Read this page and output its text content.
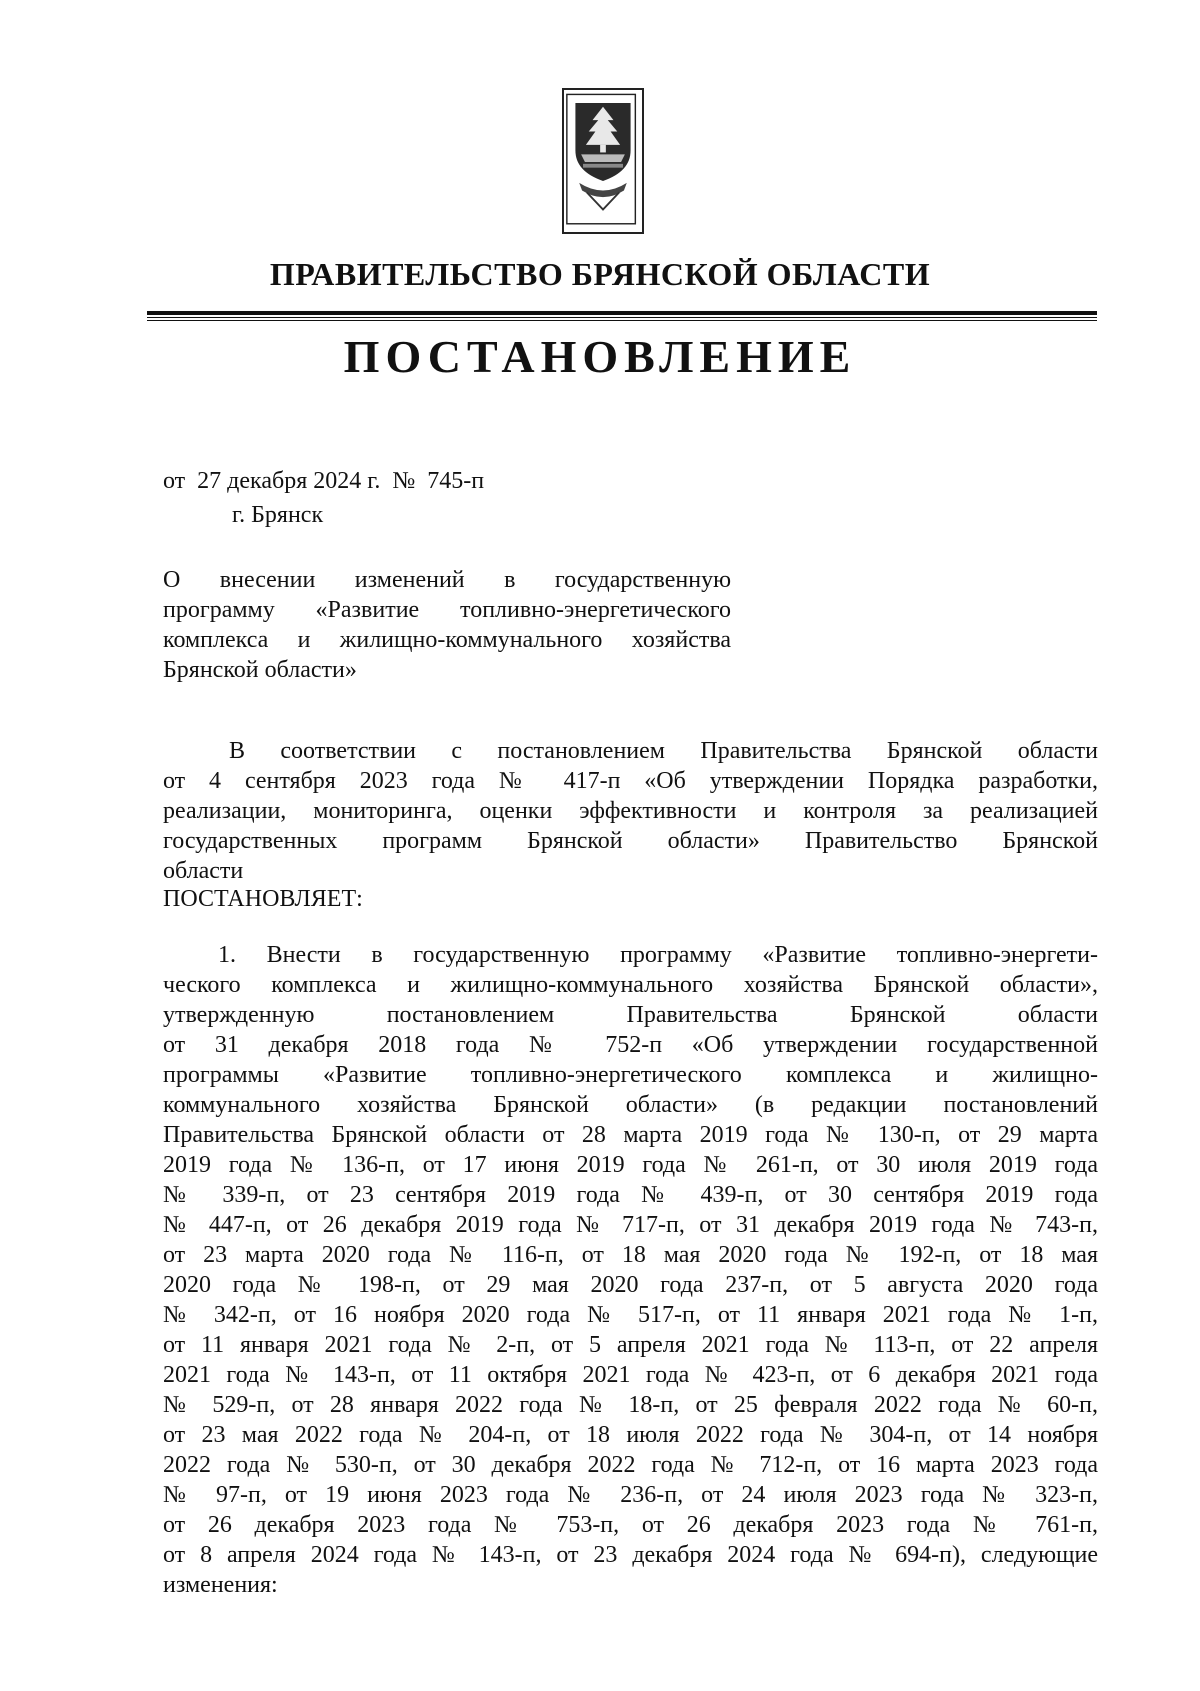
ПРАВИТЕЛЬСТВО БРЯНСКОЙ ОБЛАСТИ
ПОСТАНОВЛЕНИЕ
от  27 декабря 2024 г.  №  745-п
г. Брянск
О внесении изменений в государственную
программу «Развитие топливно-энергетического
комплекса и жилищно-коммунального хозяйства
Брянской области»
В соответствии с постановлением Правительства Брянской области
от 4 сентября 2023 года № 417-п «Об утверждении Порядка разработки,
реализации, мониторинга, оценки эффективности и контроля за реализацией
государственных программ Брянской области» Правительство Брянской
области
ПОСТАНОВЛЯЕТ:
1. Внести в государственную программу «Развитие топливно-энергети-
ческого комплекса и жилищно-коммунального хозяйства Брянской области»,
утвержденную постановлением Правительства Брянской области
от 31 декабря 2018 года № 752-п «Об утверждении государственной
программы «Развитие топливно-энергетического комплекса и жилищно-
коммунального хозяйства Брянской области» (в редакции постановлений
Правительства Брянской области от 28 марта 2019 года № 130-п, от 29 марта
2019 года № 136-п, от 17 июня 2019 года № 261-п, от 30 июля 2019 года
№ 339-п, от 23 сентября 2019 года № 439-п, от 30 сентября 2019 года
№ 447-п, от 26 декабря 2019 года № 717-п, от 31 декабря 2019 года № 743-п,
от 23 марта 2020 года № 116-п, от 18 мая 2020 года № 192-п, от 18 мая
2020 года № 198-п, от 29 мая 2020 года 237-п, от 5 августа 2020 года
№ 342-п, от 16 ноября 2020 года № 517-п, от 11 января 2021 года № 1-п,
от 11 января 2021 года № 2-п, от 5 апреля 2021 года № 113-п, от 22 апреля
2021 года № 143-п, от 11 октября 2021 года № 423-п, от 6 декабря 2021 года
№ 529-п, от 28 января 2022 года № 18-п, от 25 февраля 2022 года № 60-п,
от 23 мая 2022 года № 204-п, от 18 июля 2022 года № 304-п, от 14 ноября
2022 года № 530-п, от 30 декабря 2022 года № 712-п, от 16 марта 2023 года
№ 97-п, от 19 июня 2023 года № 236-п, от 24 июля 2023 года № 323-п,
от 26 декабря 2023 года № 753-п, от 26 декабря 2023 года № 761-п,
от 8 апреля 2024 года № 143-п, от 23 декабря 2024 года № 694-п), следующие
изменения:
